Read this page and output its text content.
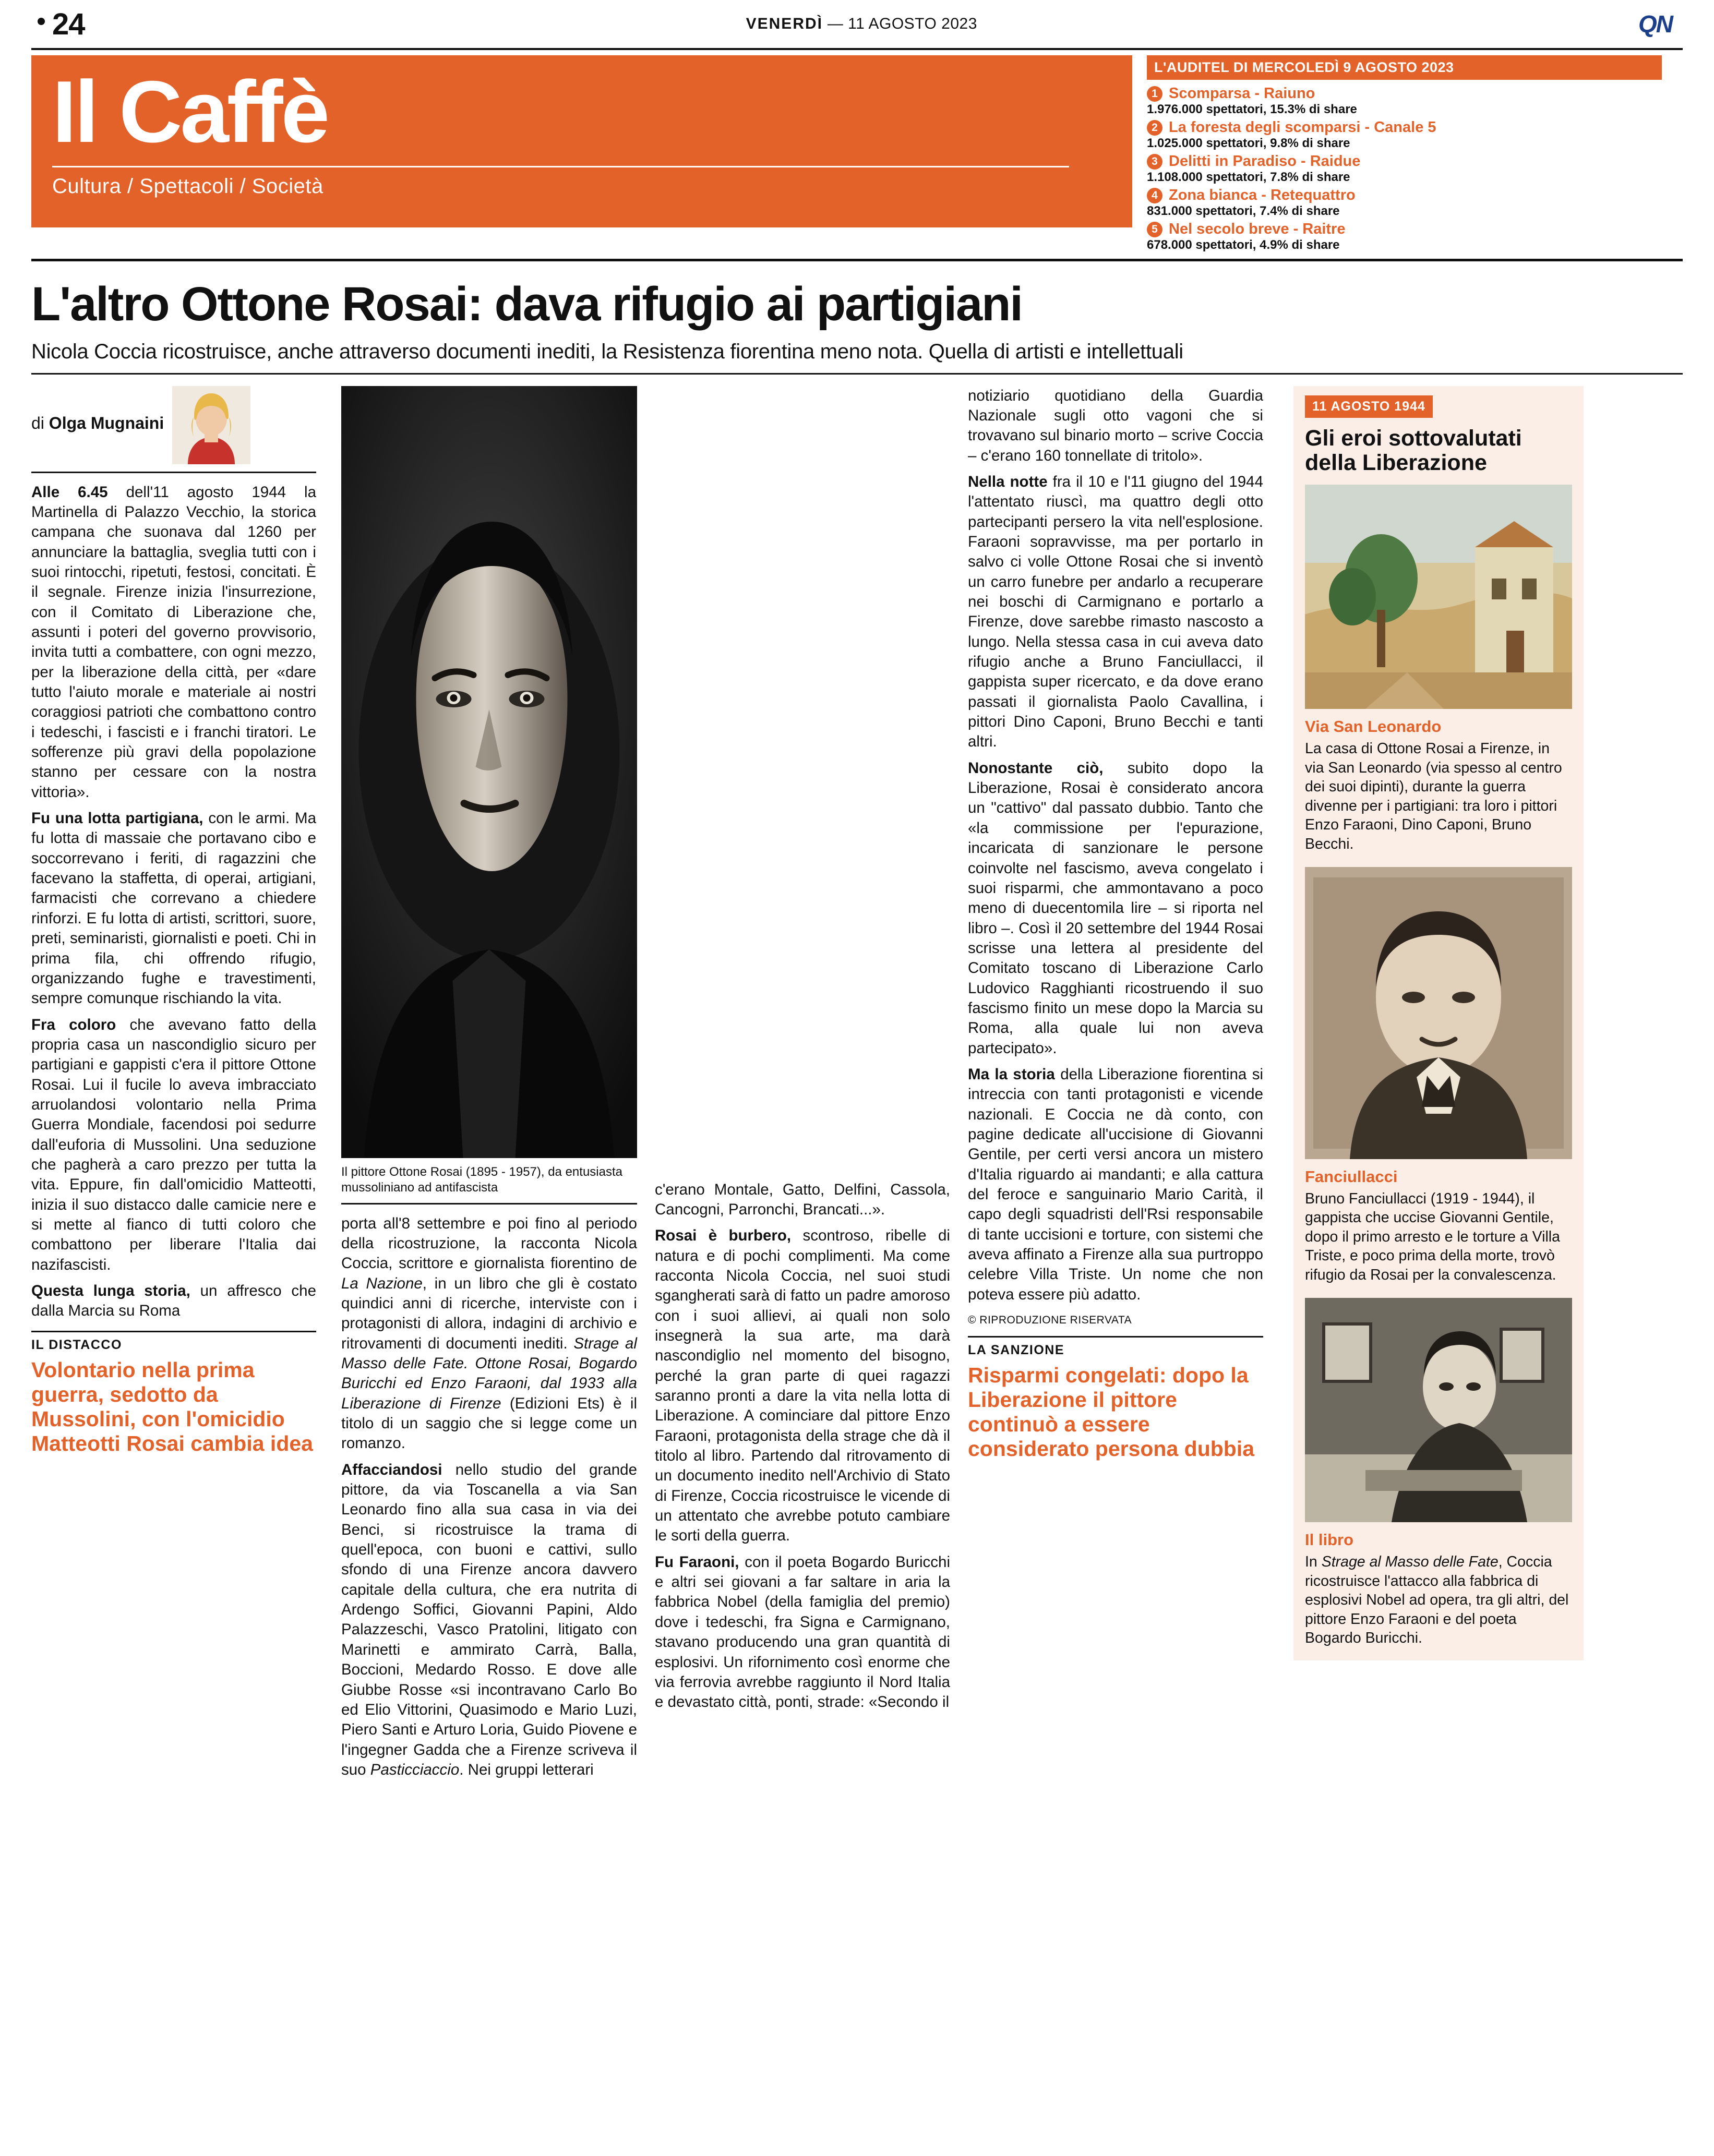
24	VENERDÌ — 11 AGOSTO 2023	QN
Il Caffè
Cultura / Spettacoli / Società
L'AUDITEL DI MERCOLEDÌ 9 AGOSTO 2023
1 Scomparsa - Raiuno
1.976.000 spettatori, 15.3% di share
2 La foresta degli scomparsi - Canale 5
1.025.000 spettatori, 9.8% di share
3 Delitti in Paradiso - Raidue
1.108.000 spettatori, 7.8% di share
4 Zona bianca - Retequattro
831.000 spettatori, 7.4% di share
5 Nel secolo breve - Raitre
678.000 spettatori, 4.9% di share
L'altro Ottone Rosai: dava rifugio ai partigiani
Nicola Coccia ricostruisce, anche attraverso documenti inediti, la Resistenza fiorentina meno nota. Quella di artisti e intellettuali
di Olga Mugnaini

Alle 6.45 dell'11 agosto 1944 la Martinella di Palazzo Vecchio, la storica campana che suonava dal 1260 per annunciare la battaglia, sveglia tutti con i suoi rintocchi, ripetuti, festosi, concitati. È il segnale. Firenze inizia l'insurrezione, con il Comitato di Liberazione che, assunti i poteri del governo provvisorio, invita tutti a combattere, con ogni mezzo, per la liberazione della città, per «dare tutto l'aiuto morale e materiale ai nostri coraggiosi patrioti che combattono contro i tedeschi, i fascisti e i franchi tiratori. Le sofferenze più gravi della popolazione stanno per cessare con la nostra vittoria».

Fu una lotta partigiana, con le armi. Ma fu lotta di massaie che portavano cibo e soccorrevano i feriti, di ragazzini che facevano la staffetta, di operai, artigiani, farmacisti che correvano a chiedere rinforzi. E fu lotta di artisti, scrittori, suore, preti, seminaristi, giornalisti e poeti. Chi in prima fila, chi offrendo rifugio, organizzando fughe e travestimenti, sempre comunque rischiando la vita.

Fra coloro che avevano fatto della propria casa un nascondiglio sicuro per partigiani e gappisti c'era il pittore Ottone Rosai. Lui il fucile lo aveva imbracciato arruolandosi volontario nella Prima Guerra Mondiale, facendosi poi sedurre dall'euforia di Mussolini. Una seduzione che pagherà a caro prezzo per tutta la vita. Eppure, fin dall'omicidio Matteotti, inizia il suo distacco dalle camicie nere e si mette al fianco di tutti coloro che combattono per liberare l'Italia dai nazifascisti.

Questa lunga storia, un affresco che dalla Marcia su Roma

IL DISTACCO
Volontario nella prima guerra, sedotto da Mussolini, con l'omicidio Matteotti Rosai cambia idea
Il pittore Ottone Rosai (1895 - 1957), da entusiasta mussoliniano ad antifascista

porta all'8 settembre e poi fino al periodo della ricostruzione, la racconta Nicola Coccia, scrittore e giornalista fiorentino de La Nazione, in un libro che gli è costato quindici anni di ricerche, interviste con i protagonisti di allora, indagini di archivio e ritrovamenti di documenti inediti. Strage al Masso delle Fate. Ottone Rosai, Bogardo Buricchi ed Enzo Faraoni, dal 1933 alla Liberazione di Firenze (Edizioni Ets) è il titolo di un saggio che si legge come un romanzo.

Affacciandosi nello studio del grande pittore, da via Toscanella a via San Leonardo fino alla sua casa in via dei Benci, si ricostruisce la trama di quell'epoca, con buoni e cattivi, sullo sfondo di una Firenze ancora davvero capitale della cultura, che era nutrita di Ardengo Soffici, Giovanni Papini, Aldo Palazzeschi, Vasco Pratolini, litigato con Marinetti e ammirato Carrà, Balla, Boccioni, Medardo Rosso. E dove alle Giubbe Rosse «si incontravano Carlo Bo ed Elio Vittorini, Quasimodo e Mario Luzi, Piero Santi e Arturo Loria, Guido Piovene e l'ingegner Gadda che a Firenze scriveva il suo Pasticciaccio. Nei gruppi letterari

c'erano Montale, Gatto, Delfini, Cassola, Cancogni, Parronchi, Brancati...».

Rosai è burbero, scontroso, ribelle di natura e di pochi complimenti. Ma come racconta Nicola Coccia, nel suoi studi sgangherati sarà di fatto un padre amoroso con i suoi allievi, ai quali non solo insegnerà la sua arte, ma darà nascondiglio nel momento del bisogno, perché la gran parte di quei ragazzi saranno pronti a dare la vita nella lotta di Liberazione. A cominciare dal pittore Enzo Faraoni, protagonista della strage che dà il titolo al libro. Partendo dal ritrovamento di un documento inedito nell'Archivio di Stato di Firenze, Coccia ricostruisce le vicende di un attentato che avrebbe potuto cambiare le sorti della guerra.

Fu Faraoni, con il poeta Bogardo Buricchi e altri sei giovani a far saltare in aria la fabbrica Nobel (della famiglia del premio) dove i tedeschi, fra Signa e Carmignano, stavano producendo una gran quantità di esplosivi. Un rifornimento così enorme che via ferrovia avrebbe raggiunto il Nord Italia e devastato città, ponti, strade: «Secondo il

notiziario quotidiano della Guardia Nazionale sugli otto vagoni che si trovavano sul binario morto – scrive Coccia – c'erano 160 tonnellate di tritolo».

Nella notte fra il 10 e l'11 giugno del 1944 l'attentato riuscì, ma quattro degli otto partecipanti persero la vita nell'esplosione. Faraoni sopravvisse, ma per portarlo in salvo ci volle Ottone Rosai che si inventò un carro funebre per andarlo a recuperare nei boschi di Carmignano e portarlo a Firenze, dove sarebbe rimasto nascosto a lungo. Nella stessa casa in cui aveva dato rifugio anche a Bruno Fanciullacci, il gappista super ricercato, e da dove erano passati il giornalista Paolo Cavallina, i pittori Dino Caponi, Bruno Becchi e tanti altri.

Nonostante ciò, subito dopo la Liberazione, Rosai è considerato ancora un "cattivo" dal passato dubbio. Tanto che «la commissione per l'epurazione, incaricata di sanzionare le persone coinvolte nel fascismo, aveva congelato i suoi risparmi, che ammontavano a poco meno di duecentomila lire – si riporta nel libro –. Così il 20 settembre del 1944 Rosai scrisse una lettera al presidente del Comitato toscano di Liberazione Carlo Ludovico Ragghianti ricostruendo il suo fascismo finito un mese dopo la Marcia su Roma, alla quale lui non aveva partecipato».

Ma la storia della Liberazione fiorentina si intreccia con tanti protagonisti e vicende nazionali. E Coccia ne dà conto, con pagine dedicate all'uccisione di Giovanni Gentile, per certi versi ancora un mistero d'Italia riguardo ai mandanti; e alla cattura del feroce e sanguinario Mario Carità, il capo degli squadristi dell'Rsi responsabile di tante uccisioni e torture, con sistemi che aveva affinato a Firenze alla sua purtroppo celebre Villa Triste. Un nome che non poteva essere più adatto.

© RIPRODUZIONE RISERVATA
LA SANZIONE
Risparmi congelati: dopo la Liberazione il pittore continuò a essere considerato persona dubbia
11 AGOSTO 1944
Gli eroi sottovalutati della Liberazione
Via San Leonardo
La casa di Ottone Rosai a Firenze, in via San Leonardo (via spesso al centro dei suoi dipinti), durante la guerra divenne per i partigiani: tra loro i pittori Enzo Faraoni, Dino Caponi, Bruno Becchi.
Fanciullacci
Bruno Fanciullacci (1919 - 1944), il gappista che uccise Giovanni Gentile, dopo il primo arresto e le torture a Villa Triste, e poco prima della morte, trovò rifugio da Rosai per la convalescenza.
Il libro
In Strage al Masso delle Fate, Coccia ricostruisce l'attacco alla fabbrica di esplosivi Nobel ad opera, tra gli altri, del pittore Enzo Faraoni e del poeta Bogardo Buricchi.
